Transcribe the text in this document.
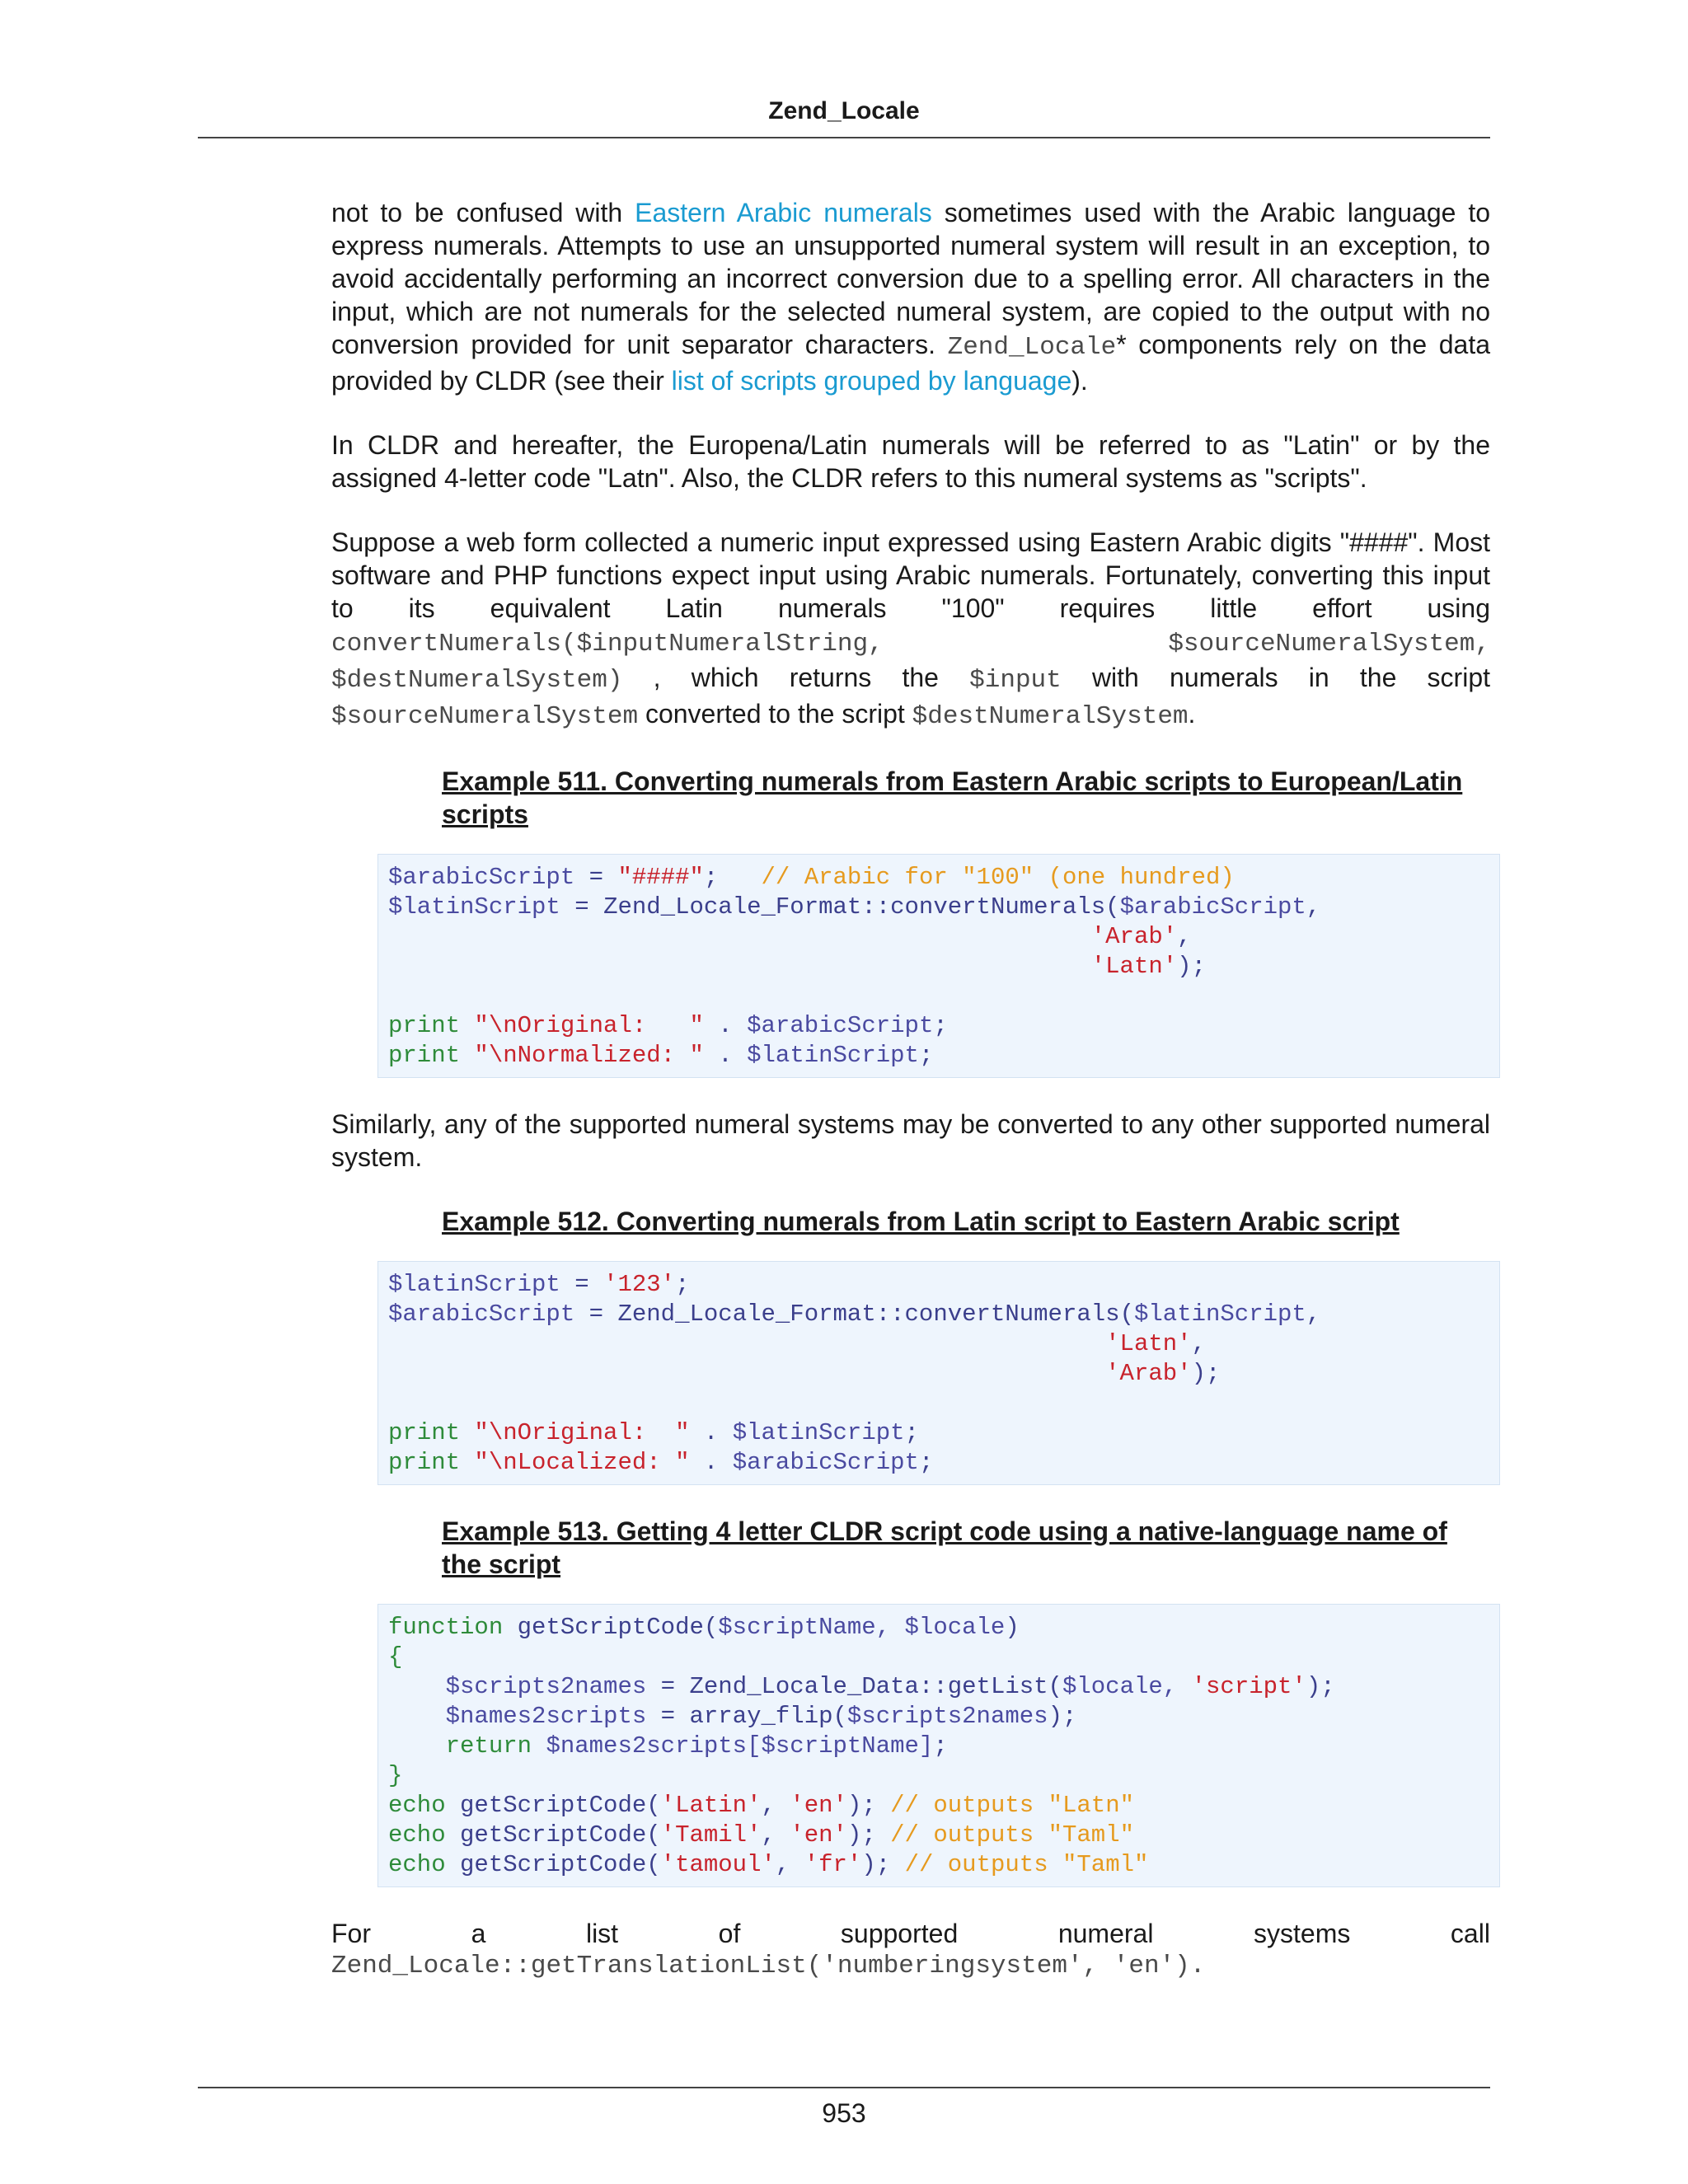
Zend_Locale

not to be confused with Eastern Arabic numerals sometimes used with the Arabic language to express numerals. Attempts to use an unsupported numeral system will result in an exception, to avoid accidentally performing an incorrect conversion due to a spelling error. All characters in the input, which are not numerals for the selected numeral system, are copied to the output with no conversion provided for unit separator characters. Zend_Locale* components rely on the data provided by CLDR (see their list of scripts grouped by language).

In CLDR and hereafter, the Europena/Latin numerals will be referred to as "Latin" or by the assigned 4-letter code "Latn". Also, the CLDR refers to this numeral systems as "scripts".

Suppose a web form collected a numeric input expressed using Eastern Arabic digits "####". Most software and PHP functions expect input using Arabic numerals. Fortunately, converting this input to its equivalent Latin numerals "100" requires little effort using convertNumerals($inputNumeralString, $sourceNumeralSystem, $destNumeralSystem) , which returns the $input with numerals in the script $sourceNumeralSystem converted to the script $destNumeralSystem.

Example 511. Converting numerals from Eastern Arabic scripts to European/Latin scripts
$arabicScript = "####";   // Arabic for "100" (one hundred)
$latinScript = Zend_Locale_Format::convertNumerals($arabicScript,
'Arab',
'Latn');

print "\nOriginal:   " . $arabicScript;
print "\nNormalized: " . $latinScript;

Similarly, any of the supported numeral systems may be converted to any other supported numeral system.

Example 512. Converting numerals from Latin script to Eastern Arabic script
$latinScript = '123';
$arabicScript = Zend_Locale_Format::convertNumerals($latinScript,
'Latn',
'Arab');

print "\nOriginal:  " . $latinScript;
print "\nLocalized: " . $arabicScript;
Example 513. Getting 4 letter CLDR script code using a native-language name of the script
function getScriptCode($scriptName, $locale)
{
$scripts2names = Zend_Locale_Data::getList($locale, 'script');
$names2scripts = array_flip($scripts2names);
return $names2scripts[$scriptName];
}
echo getScriptCode('Latin', 'en'); // outputs "Latn"
echo getScriptCode('Tamil', 'en'); // outputs "Taml"
echo getScriptCode('tamoul', 'fr'); // outputs "Taml"
For	a	list	of	supported	numeral	systems	call
Zend_Locale::getTranslationList('numberingsystem', 'en').
953
